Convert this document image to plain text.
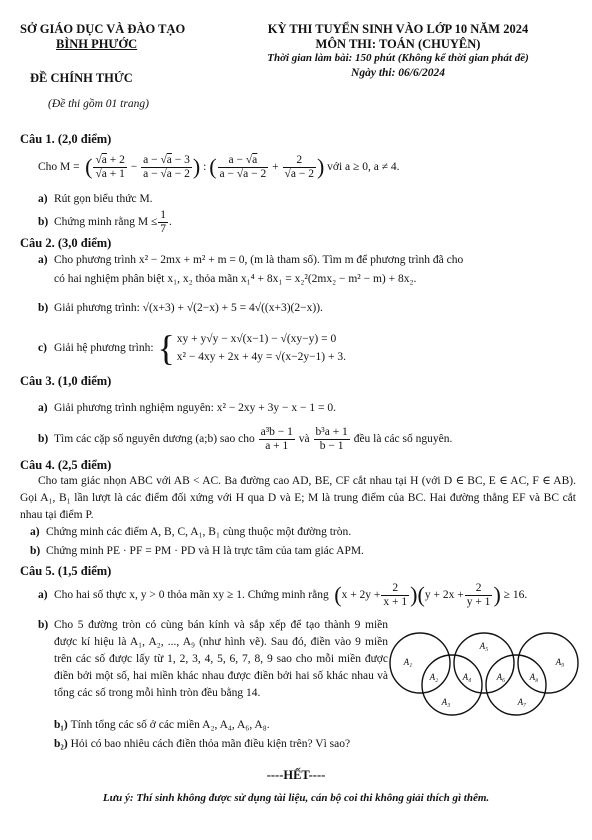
SỞ GIÁO DỤC VÀ ĐÀO TẠO
BÌNH PHƯỚC
ĐỀ CHÍNH THỨC
(Đề thi gồm 01 trang)
KỲ THI TUYỂN SINH VÀO LỚP 10 NĂM 2024
MÔN THI: TOÁN (CHUYÊN)
Thời gian làm bài: 150 phút (Không kể thời gian phát đề)
Ngày thi: 06/6/2024
Câu 1. (2,0 điểm)
Cho M = ( $\frac{√a + 2}{√a + 1} - \frac{a - √a - 3}{a - √a - 2}$ ) : ( $\frac{a - √a}{a - √a - 2} + \frac{2}{√a - 2}$ )
với a ≥ 0, a ≠ 4.
a) Rút gọn biểu thức M.
b) Chứng minh rằng $M \le \frac{1}{7}$ .
Câu 2. (3,0 điểm)
a) Cho phương trình x² − 2mx + m² + m = 0, (m là tham số). Tìm m để phương trình đã cho
có hai nghiệm phân biệt x₁, x₂ thỏa mãn x₁⁴ + 8x₁ = x₂²(2mx₂ − m² − m) + 8x₂.
b) Giải phương trình: √(x+3) + √(2−x) + 5 = 4√((x+3)(2−x)).
c) Giải hệ phương trình: { xy + y√y − x√(x−1) − √(xy−y) = 0
x² − 4xy + 2x + 4y = √(x−2y−1) + 3.
Câu 3. (1,0 điểm)
a) Giải phương trình nghiệm nguyên: x² − 2xy + 3y − x − 1 = 0.
b) Tìm các cặp số nguyên dương (a;b) sao cho
$\frac{\text{a³b − 1}}{a + 1}$
và
$\frac{\text{b³a + 1}}{b - 1}$
đều là các số nguyên.
Câu 4. (2,5 điểm)
Cho tam giác nhọn ABC với AB < AC. Ba đường cao AD, BE, CF cắt nhau tại H (với D ∈ BC, E ∈ AC, F ∈ AB). Gọi A₁, B₁ lần lượt là các điểm đối xứng với H qua D và E; M là trung điểm của BC. Hai đường thẳng EF và BC cắt nhau tại điểm P.
a) Chứng minh các điểm A, B, C, A₁, B₁ cùng thuộc một đường tròn.
b) Chứng minh PE · PF = PM · PD và H là trực tâm của tam giác APM.
Câu 5. (1,5 điểm)
a) Cho hai số thực x, y > 0 thỏa mãn xy ≥ 1. Chứng minh rằng ( $x + 2y + \frac{2}{x + 1}$ )( $y + 2x + \frac{2}{y + 1}$ ) ≥ 16.
b) Cho 5 đường tròn có cùng bán kính và sắp xếp để tạo thành 9 miền được kí hiệu là A₁, A₂, ..., A₉ (như hình vẽ). Sau đó, điền vào 9 miền trên các số được lấy từ 1, 2, 3, 4, 5, 6, 7, 8, 9 sao cho mỗi miền được điền bởi một số, hai miền khác nhau được điền bởi hai số khác nhau và tổng các số trong mỗi hình tròn đều bằng 14.
b₁) Tính tổng các số ở các miền A₂, A₄, A₆, A₈.
b₂) Hỏi có bao nhiêu cách điền thỏa mãn điều kiện trên? Vì sao?
A₁
A₂
A₃
A₄
A₅
A₆
A₇
A₈
A₉
----HẾT----
Lưu ý: Thí sinh không được sử dụng tài liệu, cán bộ coi thi không giải thích gì thêm.
